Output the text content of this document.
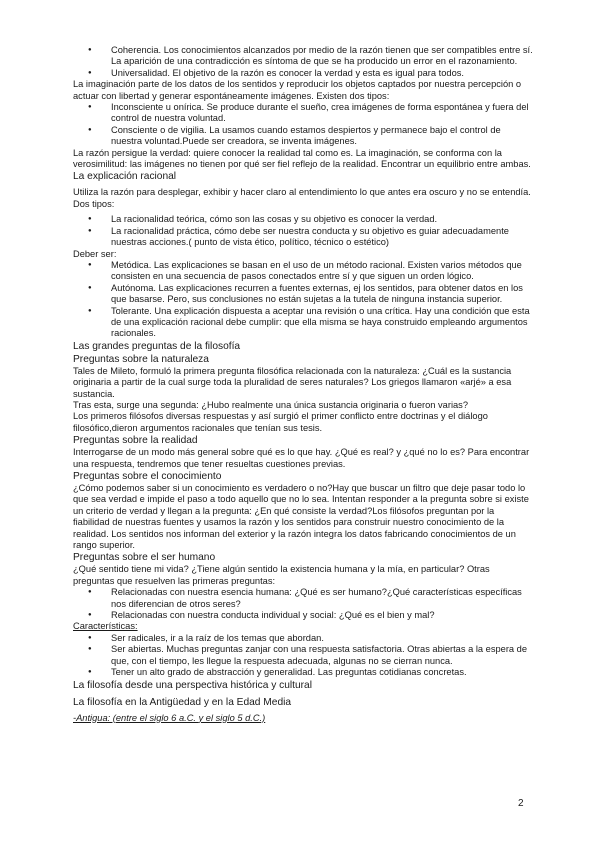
● Coherencia. Los conocimientos alcanzados por medio de la razón tienen que ser compatibles entre sí. La aparición de una contradicción es síntoma de que se ha producido un error en el razonamiento.
● Universalidad. El objetivo de la razón es conocer la verdad y esta es igual para todos.

La imaginación parte de los datos de los sentidos y reproducir los objetos captados por nuestra percepción o actuar con libertad y generar espontáneamente imágenes. Existen dos tipos:

● Inconsciente u onírica. Se produce durante el sueño, crea imágenes de forma espontánea y fuera del control de nuestra voluntad.
● Consciente o de vigilia. La usamos cuando estamos despiertos y permanece bajo el control de nuestra voluntad.Puede ser creadora, se inventa imágenes.

La razón persigue la verdad: quiere conocer la realidad tal como es. La imaginación, se conforma con la verosimilitud: las imágenes no tienen por qué ser fiel reflejo de la realidad. Encontrar un equilibrio entre ambas.

La explicación racional

Utiliza la razón para desplegar, exhibir y hacer claro al entendimiento lo que antes era oscuro y no se entendía. Dos tipos:

● La racionalidad teórica, cómo son las cosas y su objetivo es conocer la verdad.
● La racionalidad práctica, cómo debe ser nuestra conducta y su objetivo es guiar adecuadamente nuestras acciones.( punto de vista ético, político, técnico o estético)

Deber ser:

● Metódica. Las explicaciones se basan en el uso de un método racional. Existen varios métodos que consisten en una secuencia de pasos conectados entre sí y que siguen un orden lógico.
● Autónoma. Las explicaciones recurren a fuentes externas, ej los sentidos, para obtener datos en los que basarse. Pero, sus conclusiones no están sujetas a la tutela de ninguna instancia superior.
● Tolerante. Una explicación dispuesta a aceptar una revisión o una crítica. Hay una condición que esta de una explicación racional debe cumplir: que ella misma se haya construido empleando argumentos racionales.

Las grandes preguntas de la filosofía

Preguntas sobre la naturaleza

Tales de Mileto, formuló la primera pregunta filosófica relacionada con la naturaleza: ¿Cuál es la sustancia originaria a partir de la cual surge toda la pluralidad de seres naturales? Los griegos llamaron «arjé» a esa sustancia.

Tras esta, surge una segunda: ¿Hubo realmente una única sustancia originaria o fueron varias?

Los primeros filósofos diversas respuestas y así surgió el primer conflicto entre doctrinas y el diálogo filosófico,dieron argumentos racionales que tenían sus tesis.

Preguntas sobre la realidad

Interrogarse de un modo más general sobre qué es lo que hay. ¿Qué es real? y ¿qué no lo es? Para encontrar una respuesta, tendremos que tener resueltas cuestiones previas.

Preguntas sobre el conocimiento

¿Cómo podemos saber si un conocimiento es verdadero o no?Hay que buscar un filtro que deje pasar todo lo que sea verdad e impide el paso a todo aquello que no lo sea. Intentan responder a la pregunta sobre si existe un criterio de verdad y llegan a la pregunta: ¿En qué consiste la verdad?Los filósofos preguntan por la fiabilidad de nuestras fuentes y usamos la razón y los sentidos para construir nuestro conocimiento de la realidad. Los sentidos nos informan del exterior y la razón integra los datos fabricando conocimientos de un rango superior.

Preguntas sobre el ser humano

¿Qué sentido tiene mi vida? ¿Tiene algún sentido la existencia humana y la mía, en particular? Otras preguntas que resuelven las primeras preguntas:

● Relacionadas con nuestra esencia humana: ¿Qué es ser humano?¿Qué características específicas nos diferencian de otros seres?
● Relacionadas con nuestra conducta individual y social: ¿Qué es el bien y mal?

Características:

● Ser radicales, ir a la raíz de los temas que abordan.
● Ser abiertas. Muchas preguntas zanjar con una respuesta satisfactoria. Otras abiertas a la espera de que, con el tiempo, les llegue la respuesta adecuada, algunas no se cierran nunca.
● Tener un alto grado de abstracción y generalidad. Las preguntas cotidianas concretas.

La filosofía desde una perspectiva histórica y cultural

La filosofía en la Antigüedad y en la Edad Media

-Antigua: (entre el siglo 6 a.C. y el siglo 5 d.C.)

2
